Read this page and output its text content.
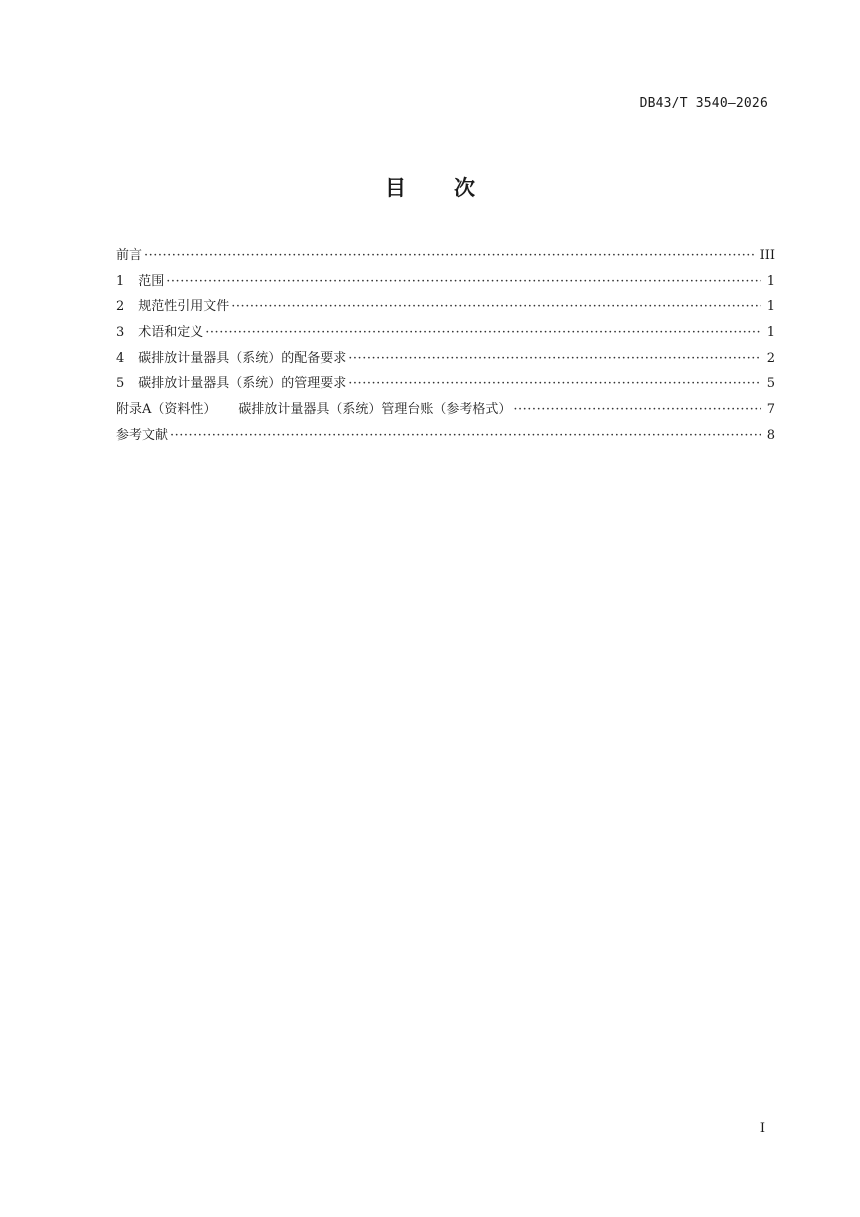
DB43/T 3540—2026
目次
前言 ·····	III
1 范围 ·····	1
2 规范性引用文件 ·····	1
3 术语和定义 ·····	1
4 碳排放计量器具（系统）的配备要求 ·····	2
5 碳排放计量器具（系统）的管理要求 ·····	5
附录A（资料性） 碳排放计量器具（系统）管理台账（参考格式） ·····	7
参考文献 ·····	8
I
